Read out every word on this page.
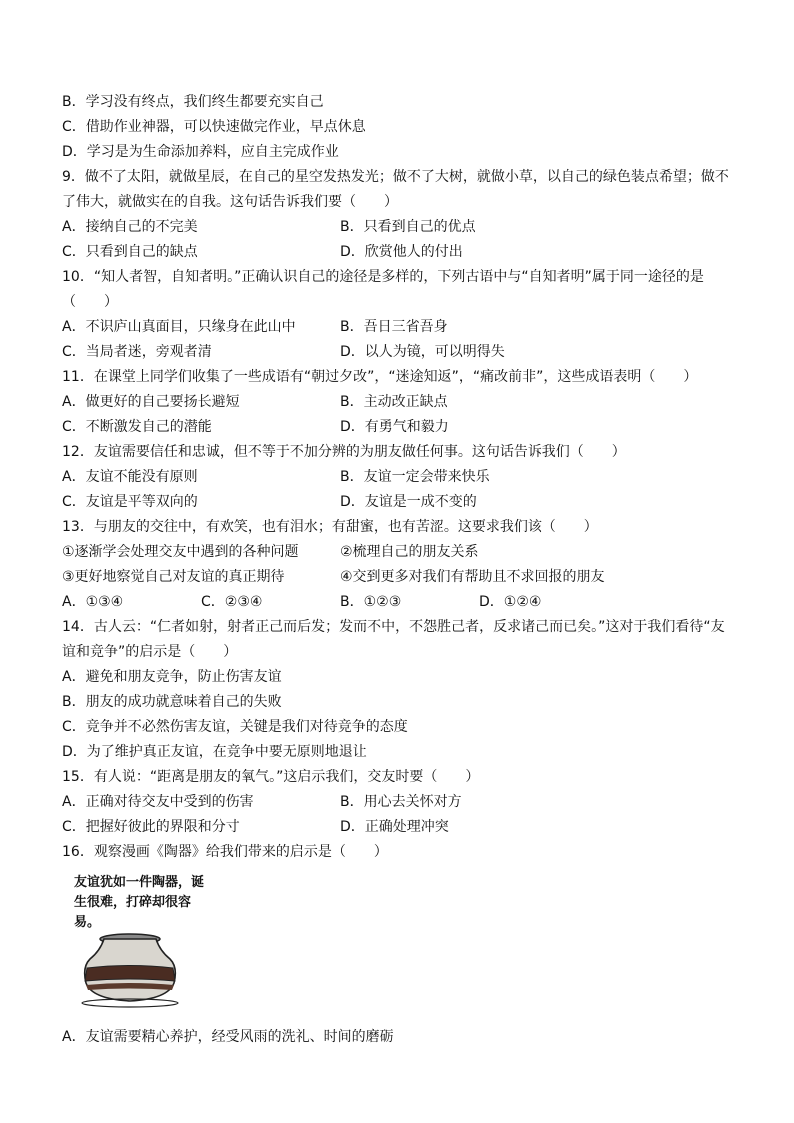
B．学习没有终点，我们终生都要充实自己
C．借助作业神器，可以快速做完作业，早点休息
D．学习是为生命添加养料，应自主完成作业
9．做不了太阳，就做星辰，在自己的星空发热发光；做不了大树，就做小草，以自己的绿色装点希望；做不了伟大，就做实在的自我。这句话告诉我们要（　　）
A．接纳自己的不完美	B．只看到自己的优点
C．只看到自己的缺点	D．欣赏他人的付出
10．“知人者智，自知者明。”正确认识自己的途径是多样的，下列古语中与“自知者明”属于同一途径的是（　　）
A．不识庐山真面目，只缘身在此山中	B．吾日三省吾身
C．当局者迷，旁观者清	D．以人为镜，可以明得失
11．在课堂上同学们收集了一些成语有“朝过夕改”，“迷途知返”，“痛改前非”，这些成语表明（　　）
A．做更好的自己要扬长避短	B．主动改正缺点
C．不断激发自己的潜能	D．有勇气和毅力
12．友谊需要信任和忠诚，但不等于不加分辨的为朋友做任何事。这句话告诉我们（　　）
A．友谊不能没有原则	B．友谊一定会带来快乐
C．友谊是平等双向的	D．友谊是一成不变的
13．与朋友的交往中，有欢笑，也有泪水；有甜蜜，也有苦涩。这要求我们该（　　）
①逐渐学会处理交友中遇到的各种问题	②梳理自己的朋友关系
③更好地察觉自己对友谊的真正期待	④交到更多对我们有帮助且不求回报的朋友
A．①③④	C．②③④	B．①②③	D．①②④
14．古人云：“仁者如射，射者正己而后发；发而不中，不怨胜己者，反求诸己而已矣。”这对于我们看待“友谊和竞争”的启示是（　　）
A．避免和朋友竞争，防止伤害友谊
B．朋友的成功就意味着自己的失败
C．竞争并不必然伤害友谊，关键是我们对待竞争的态度
D．为了维护真正友谊，在竞争中要无原则地退让
15．有人说：“距离是朋友的氧气。”这启示我们，交友时要（　　）
A．正确对待交友中受到的伤害	B．用心去关怀对方
C．把握好彼此的界限和分寸	D．正确处理冲突
16．观察漫画《陶器》给我们带来的启示是（　　）
友谊犹如一件陶器，诞生很难，打碎却很容易。
A．友谊需要精心养护，经受风雨的洗礼、时间的磨砺
